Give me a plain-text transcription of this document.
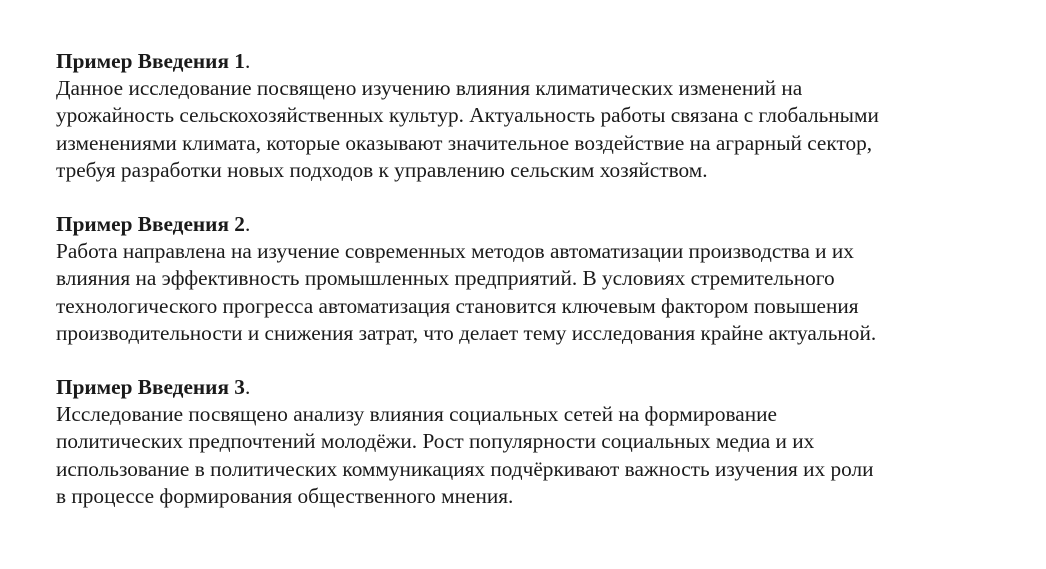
Пример Введения 1.
Данное исследование посвящено изучению влияния климатических изменений на
урожайность сельскохозяйственных культур. Актуальность работы связана с глобальными
изменениями климата, которые оказывают значительное воздействие на аграрный сектор,
требуя разработки новых подходов к управлению сельским хозяйством.
Пример Введения 2.
Работа направлена на изучение современных методов автоматизации производства и их
влияния на эффективность промышленных предприятий. В условиях стремительного
технологического прогресса автоматизация становится ключевым фактором повышения
производительности и снижения затрат, что делает тему исследования крайне актуальной.
Пример Введения 3.
Исследование посвящено анализу влияния социальных сетей на формирование
политических предпочтений молодёжи. Рост популярности социальных медиа и их
использование в политических коммуникациях подчёркивают важность изучения их роли
в процессе формирования общественного мнения.
